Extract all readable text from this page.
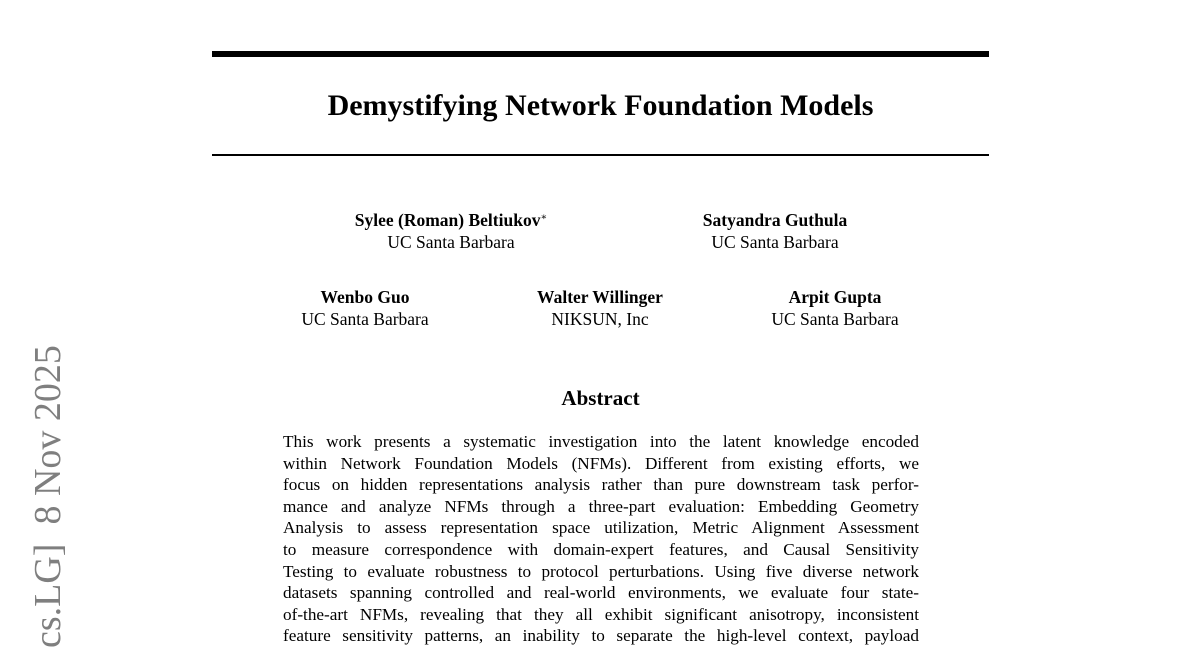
Demystifying Network Foundation Models
Sylee (Roman) Beltiukov∗
UC Santa Barbara
Satyandra Guthula
UC Santa Barbara
Wenbo Guo
UC Santa Barbara
Walter Willinger
NIKSUN, Inc
Arpit Gupta
UC Santa Barbara
Abstract
This work presents a systematic investigation into the latent knowledge encoded
within Network Foundation Models (NFMs). Different from existing efforts, we
focus on hidden representations analysis rather than pure downstream task perfor-
mance and analyze NFMs through a three-part evaluation: Embedding Geometry
Analysis to assess representation space utilization, Metric Alignment Assessment
to measure correspondence with domain-expert features, and Causal Sensitivity
Testing to evaluate robustness to protocol perturbations. Using five diverse network
datasets spanning controlled and real-world environments, we evaluate four state-
of-the-art NFMs, revealing that they all exhibit significant anisotropy, inconsistent
feature sensitivity patterns, an inability to separate the high-level context, payload
cs.LG]  8 Nov 2025
